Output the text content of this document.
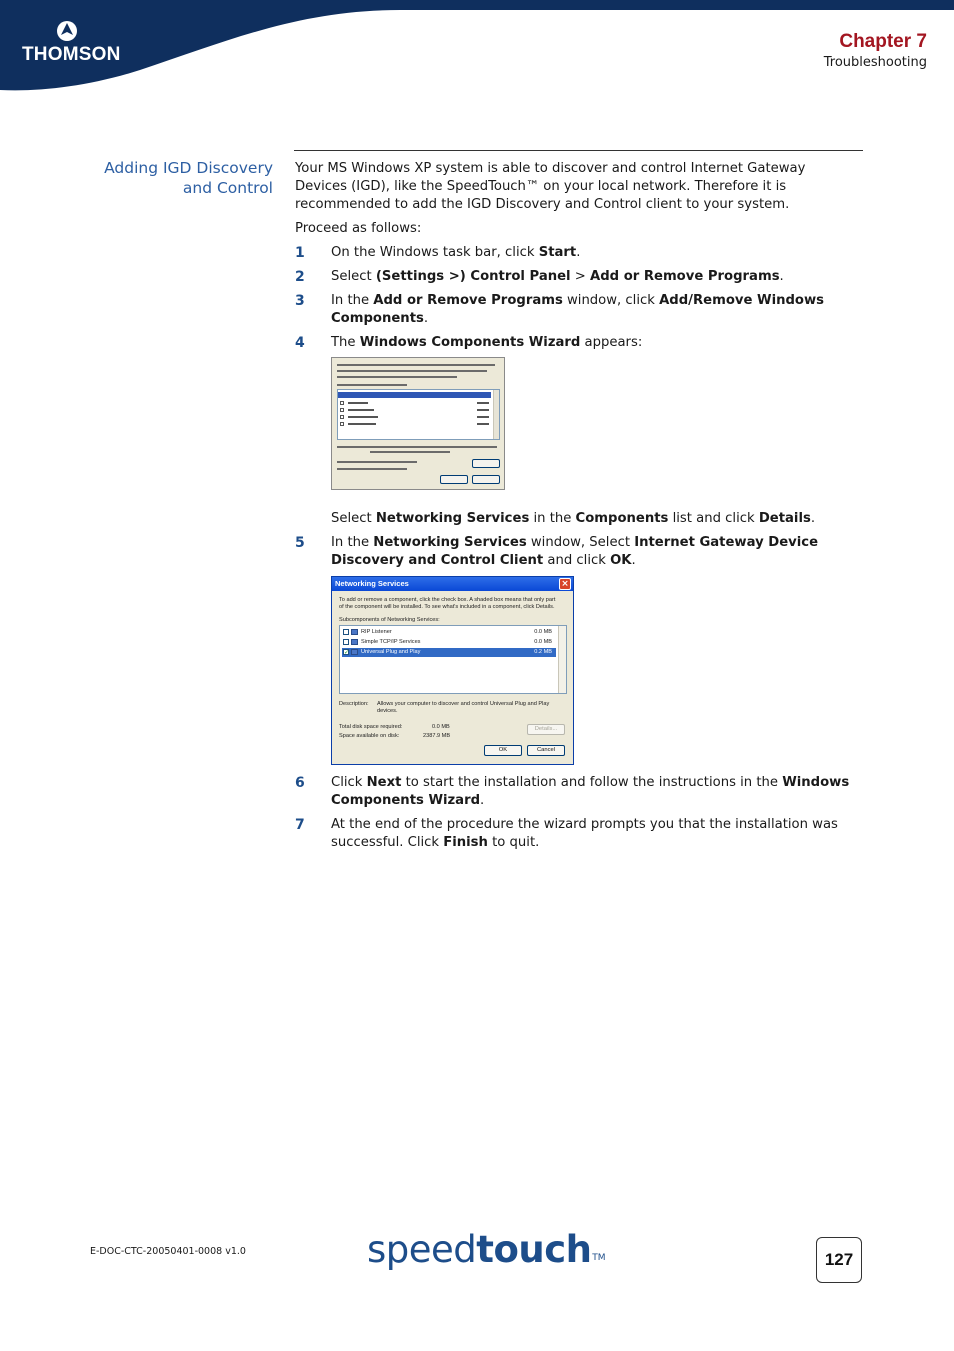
THOMSON
Chapter 7
Troubleshooting
Adding IGD Discovery
and Control
Your MS Windows XP system is able to discover and control Internet Gateway
Devices (IGD), like the SpeedTouch™ on your local network. Therefore it is
recommended to add the IGD Discovery and Control client to your system.
Proceed as follows:
1 On the Windows task bar, click Start.
2 Select (Settings >) Control Panel > Add or Remove Programs.
3 In the Add or Remove Programs window, click Add/Remove Windows
Components.
4 The Windows Components Wizard appears:
Select Networking Services in the Components list and click Details.
5 In the Networking Services window, Select Internet Gateway Device
Discovery and Control Client and click OK.
Networking Services	×
To add or remove a component, click the check box. A shaded box means that only part
of the component will be installed. To see what's included in a component, click Details.
Subcomponents of Networking Services:
RIP Listener	0.0 MB
Simple TCP/IP Services	0.0 MB
✓ Universal Plug and Play	0.2 MB
Description: Allows your computer to discover and control Universal Plug and Play
devices.
Total disk space required:	0.0 MB
Space available on disk:	2387.9 MB
Details...
OK	Cancel
6 Click Next to start the installation and follow the instructions in the Windows
Components Wizard.
7 At the end of the procedure the wizard prompts you that the installation was
successful. Click Finish to quit.
E-DOC-CTC-20050401-0008 v1.0	speedtouch TM	127
